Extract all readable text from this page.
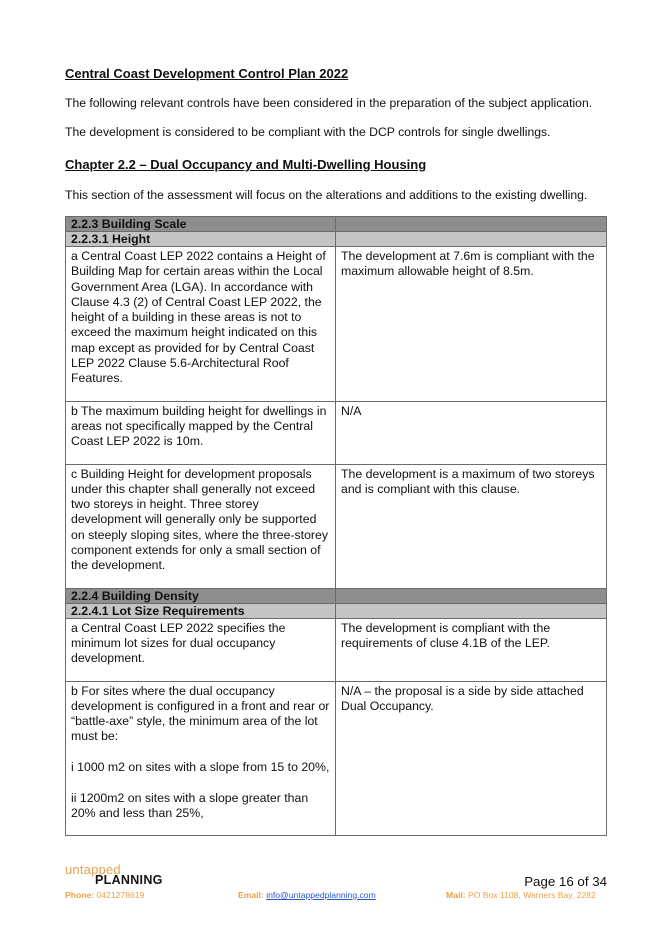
Central Coast Development Control Plan 2022
The following relevant controls have been considered in the preparation of the subject application.
The development is considered to be compliant with the DCP controls for single dwellings.
Chapter 2.2 – Dual Occupancy and Multi-Dwelling Housing
This section of the assessment will focus on the alterations and additions to the existing dwelling.
2.2.3 Building Scale	
2.2.3.1 Height	
a Central Coast LEP 2022 contains a Height of Building Map for certain areas within the Local Government Area (LGA). In accordance with Clause 4.3 (2) of Central Coast LEP 2022, the height of a building in these areas is not to exceed the maximum height indicated on this map except as provided for by Central Coast LEP 2022 Clause 5.6-Architectural Roof Features.	The development at 7.6m is compliant with the maximum allowable height of 8.5m.
b The maximum building height for dwellings in areas not specifically mapped by the Central Coast LEP 2022 is 10m.	N/A
c Building Height for development proposals under this chapter shall generally not exceed two storeys in height. Three storey development will generally only be supported on steeply sloping sites, where the three-storey component extends for only a small section of the development.	The development is a maximum of two storeys and is compliant with this clause.
2.2.4 Building Density	
2.2.4.1 Lot Size Requirements	
a Central Coast LEP 2022 specifies the minimum lot sizes for dual occupancy development.	The development is compliant with the requirements of cluse 4.1B of the LEP.
b For sites where the dual occupancy development is configured in a front and rear or “battle-axe” style, the minimum area of the lot must be:

i 1000 m2 on sites with a slope from 15 to 20%,

ii 1200m2 on sites with a slope greater than 20% and less than 25%,	N/A – the proposal is a side by side attached Dual Occupancy.
untapped
PLANNING	Page 16 of 34
Phone: 0421278619	Email: info@untappedplanning.com	Mail: PO Box 1108, Warners Bay, 2282
